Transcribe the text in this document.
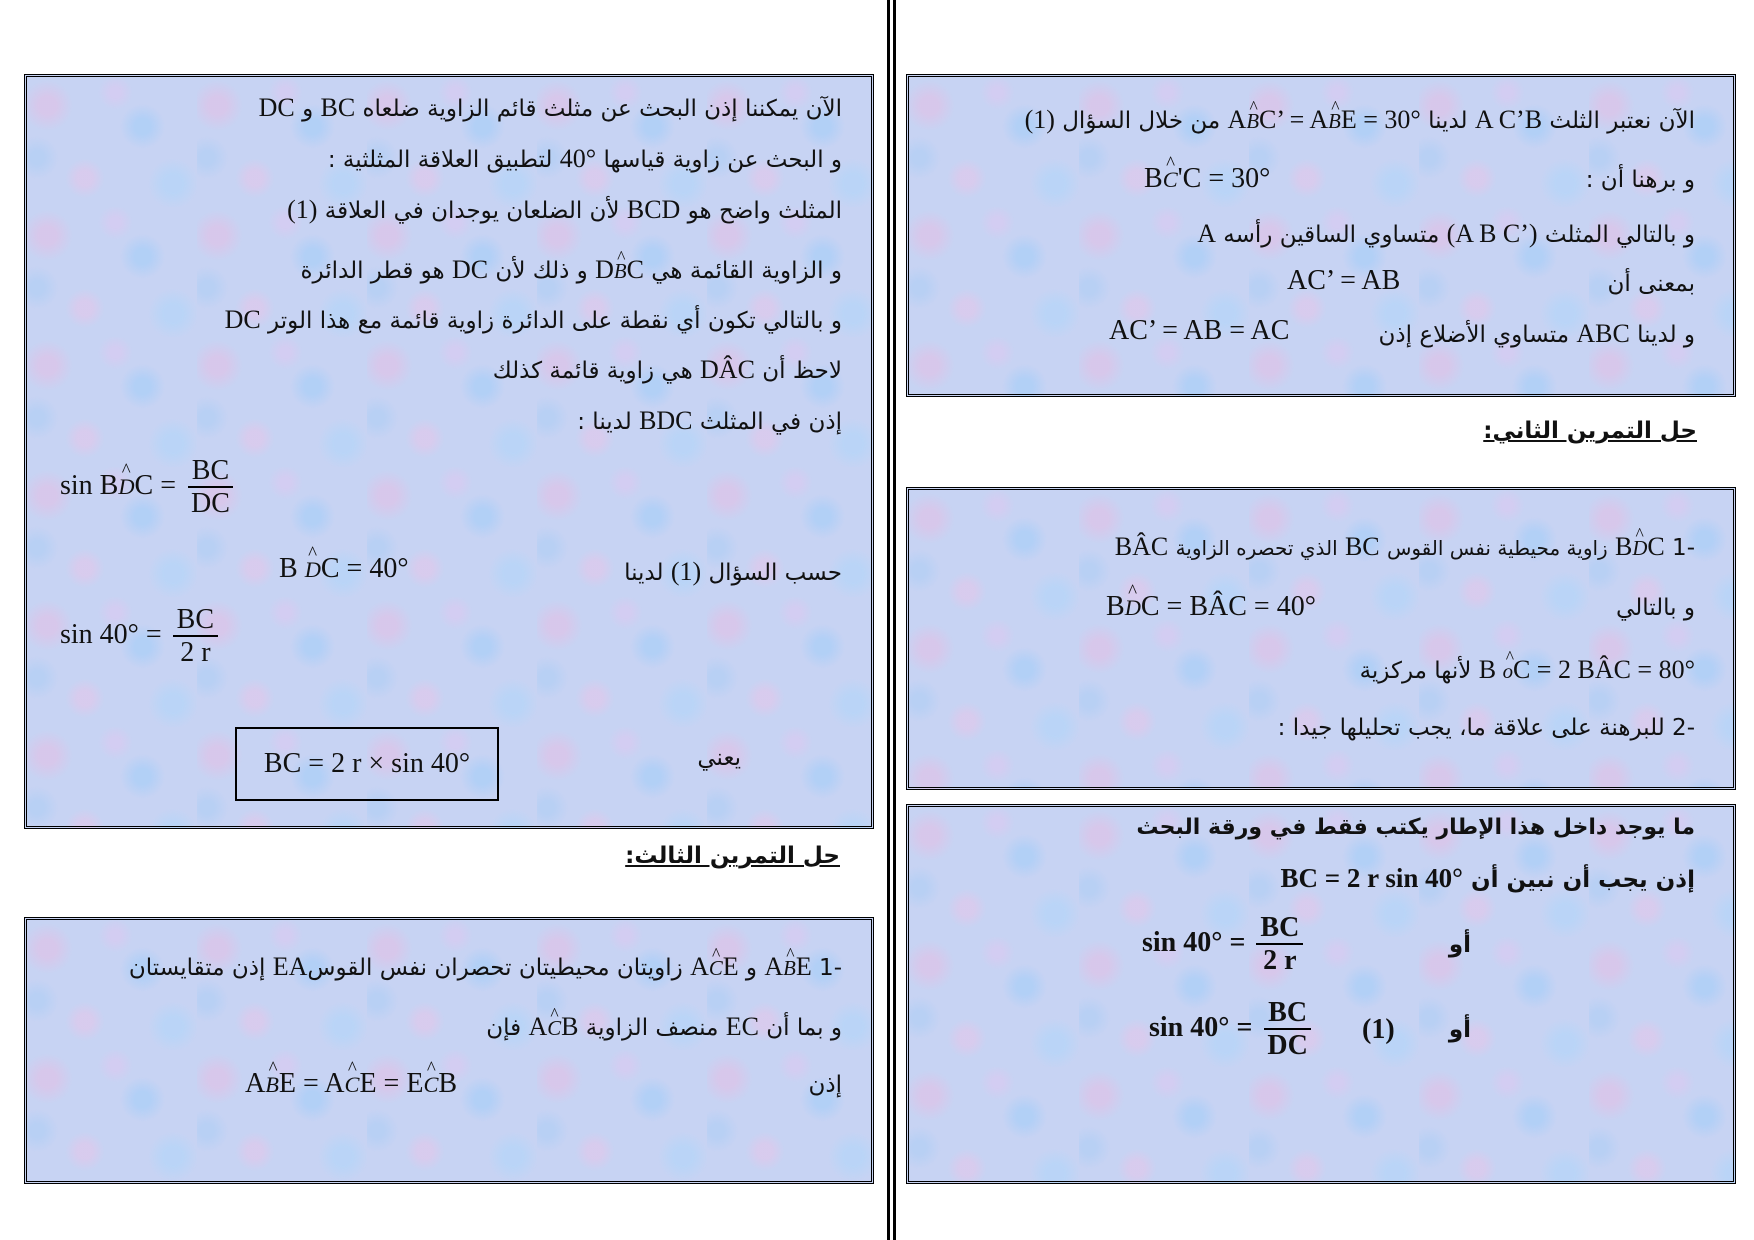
الآن نعتبر الثلث A C’B لدينا A^ BC’ = A^ BE = 30° من خلال السؤال (1)
و برهنا أن :
B^ C'C = 30°
و بالتالي المثلث (A B C’) متساوي الساقين رأسه A
بمعنى أن
AC’ = AB
و لدينا ABC متساوي الأضلاع إذن
AC’ = AB = AC
حل التمرين الثاني:
-1 B^ DC زاوية محيطية نفس القوس BC الذي تحصره الزاوية BÂC
و بالتالي
B^ DC = BÂC = 40°
B ^ oC = 2 BÂC = 80° لأنها مركزية
-2 للبرهنة على علاقة ما، يجب تحليلها جيدا :
ما يوجد داخل هذا الإطار يكتب فقط في ورقة البحث
إذن يجب أن نبين أن BC = 2 r sin 40°
أو
$\sin 40^\circ = \frac{BC}{2 r}$
أو
(1)
$\sin 40^\circ = \frac{BC}{DC}$
الآن يمكننا إذن البحث عن مثلث قائم الزاوية ضلعاه BC و DC
و البحث عن زاوية قياسها 40° لتطبيق العلاقة المثلثية :
المثلث واضح هو BCD لأن الضلعان يوجدان في العلاقة (1)
و الزاوية القائمة هي D^ BC و ذلك لأن DC هو قطر الدائرة
و بالتالي تكون أي نقطة على الدائرة زاوية قائمة مع هذا الوتر DC
لاحظ أن DÂC هي زاوية قائمة كذلك
إذن في المثلث BDC لدينا :
sin B^ DC = $\frac{BC}{DC}$
حسب السؤال (1) لدينا
B ^ DC = 40°
$\sin 40^\circ = \frac{BC}{2 r}$
يعني
BC = 2 r × sin 40°
حل التمرين الثالث:
-1 A^ BE و A^ CE زاويتان محيطيتان تحصران نفس القوسEA إذن متقايستان
و بما أن EC منصف الزاوية A^ CB فإن
إذن
A^ BE = A^ CE = E^ CB
